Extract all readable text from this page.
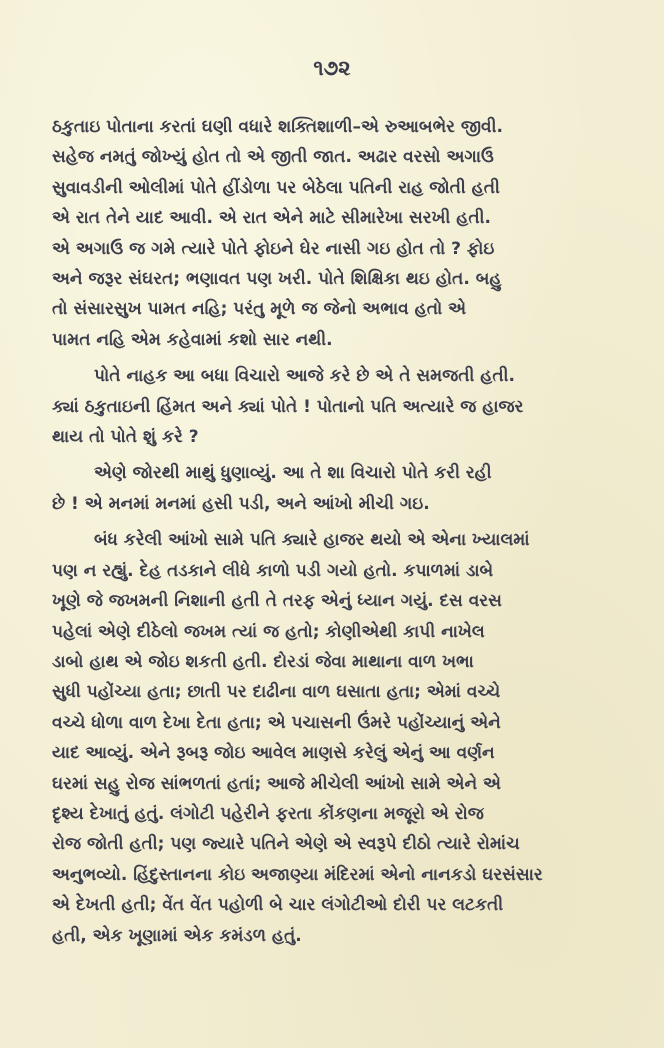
૧૭૨

ઠકુતાઇ પોતાના કરતાં ઘણી વધારે શક્તિશાળી–એ રુઆબભેર જીવી.
સહેજ નમતું જોખ્યું હોત તો એ જીતી જાત. અઢાર વરસો અગાઉ
સુવાવડીની ઓલીમાં પોતે હીંડોળા પર બેઠેલા પતિની રાહ જોતી હતી
એ રાત તેને યાદ આવી. એ રાત એને માટે સીમારેખા સરખી હતી.
એ અગાઉ જ ગમે ત્યારે પોતે ફોઇને ઘેર નાસી ગઇ હોત તો ? ફોઇ
અને જરૂર સંઘરત; ભણાવત પણ ખરી. પોતે શિક્ષિકા થઇ હોત. બહુ
તો સંસારસુખ પામત નહિ; પરંતુ મૂળે જ જેનો અભાવ હતો એ
પામત નહિ એમ કહેવામાં કશો સાર નથી.

પોતે નાહક આ બધા વિચારો આજે કરે છે એ તે સમજતી હતી.
ક્યાં ઠકુતાઇની હિંમત અને ક્યાં પોતે ! પોતાનો પતિ અત્યારે જ હાજર
થાય તો પોતે શું કરે ?

એણે જોરથી માથું ધુણાવ્યું. આ તે શા વિચારો પોતે કરી રહી
છે ! એ મનમાં મનમાં હસી પડી, અને આંખો મીચી ગઇ.

બંધ કરેલી આંખો સામે પતિ ક્યારે હાજર થયો એ એના ખ્યાલમાં
પણ ન રહ્યું. દેહ તડકાને લીધે કાળો પડી ગયો હતો. કપાળમાં ડાબે
ખૂણે જે જખમની નિશાની હતી તે તરફ એનું ધ્યાન ગયું. દસ વરસ
પહેલાં એણે દીઠેલો જખમ ત્યાં જ હતો; કોણીએથી કાપી નાખેલ
ડાબો હાથ એ જોઇ શકતી હતી. દોરડાં જેવા માથાના વાળ ખભા
સુધી પહોંચ્યા હતા; છાતી પર દાઢીના વાળ ઘસાતા હતા; એમાં વચ્ચે
વચ્ચે ધોળા વાળ દેખા દેતા હતા; એ પચાસની ઉંમરે પહોંચ્યાનું એને
યાદ આવ્યું. એને રૂબરૂ જોઇ આવેલ માણસે કરેલું એનું આ વર્ણન
ઘરમાં સહુ રોજ સાંભળતાં હતાં; આજે મીચેલી આંખો સામે એને એ
દૃશ્ય દેખાતું હતું. લંગોટી પહેરીને ફરતા કોંકણના મજૂરો એ રોજ
રોજ જોતી હતી; પણ જ્યારે પતિને એણે એ સ્વરૂપે દીઠો ત્યારે રોમાંચ
અનુભવ્યો. હિંદુસ્તાનના કોઇ અજાણ્યા મંદિરમાં એનો નાનકડો ઘરસંસાર
એ દેખતી હતી; વેંત વેંત પહોળી બે ચાર લંગોટીઓ દોરી પર લટકતી
હતી, એક ખૂણામાં એક કમંડળ હતું.
